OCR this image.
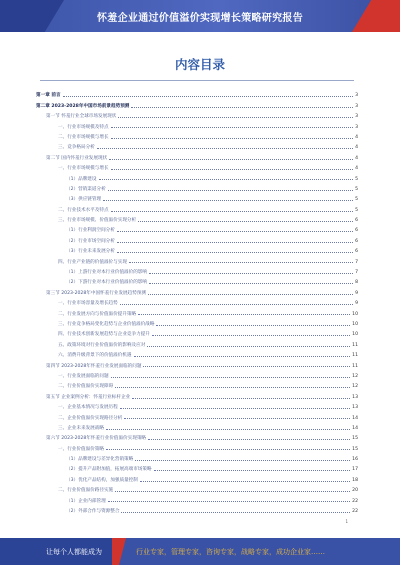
怀羞企业通过价值溢价实现增长策略研究报告
内容目录
第一章 前言	3
第二章 2023-2028年中国市场前景趋势预测	3
第一节 怀羞行业全球市场发展现状	3
一、行业市场规模及特点	3
二、行业市场规模与增长	4
三、竞争格局分析	4
第二节 国内怀羞行业发展现状	4
一、行业市场规模与增长	4
（1）品牌建设	5
（2）营销渠道分析	5
（3）供应链管理	5
二、行业技术水平及特点	5
三、行业市场规模、价值溢价实现分析	6
（1）行业利润空间分析	6
（2）行业市场空间分析	6
（3）行业未来发展分析	6
四、行业产业链的价值溢价与实现	7
（1）上游行业对本行业价值溢价的影响	7
（2）下游行业对本行业价值溢价的影响	8
第三节 2023-2028年中国怀羞行业发展趋势预测	9
一、行业市场容量及增长趋势	9
二、行业发展方向与价值溢价提升策略	10
三、行业竞争格局变化趋势与企业价值溢价战略	10
四、行业技术创新发展趋势与企业竞争力提升	10
五、政策环境对行业价值溢价的影响及应对	11
六、消费升级背景下的价值溢价机遇	11
第四节 2023-2028年怀羞行业发展面临的问题	11
一、行业发展面临的问题	12
二、行业价值溢价实现障碍	12
第五节 企业案例分析：怀羞行业标杆企业	13
一、企业基本情况与发展历程	13
二、企业价值溢价实现路径分析	14
三、企业未来发展战略	14
第六节 2023-2028年怀羞行业价值溢价实现策略	15
一、行业价值溢价策略	15
（1）品牌建设与差异化营销策略	16
（2）提升产品附加值，拓展高端市场策略	17
（3）优化产品结构，加强质量控制	18
二、行业价值溢价路径实施	20
（1）企业内部管理	22
（2）外部合作与资源整合	22
1
让每个人都能成为	行业专家，管理专家，咨询专家，战略专家，成功企业家……
